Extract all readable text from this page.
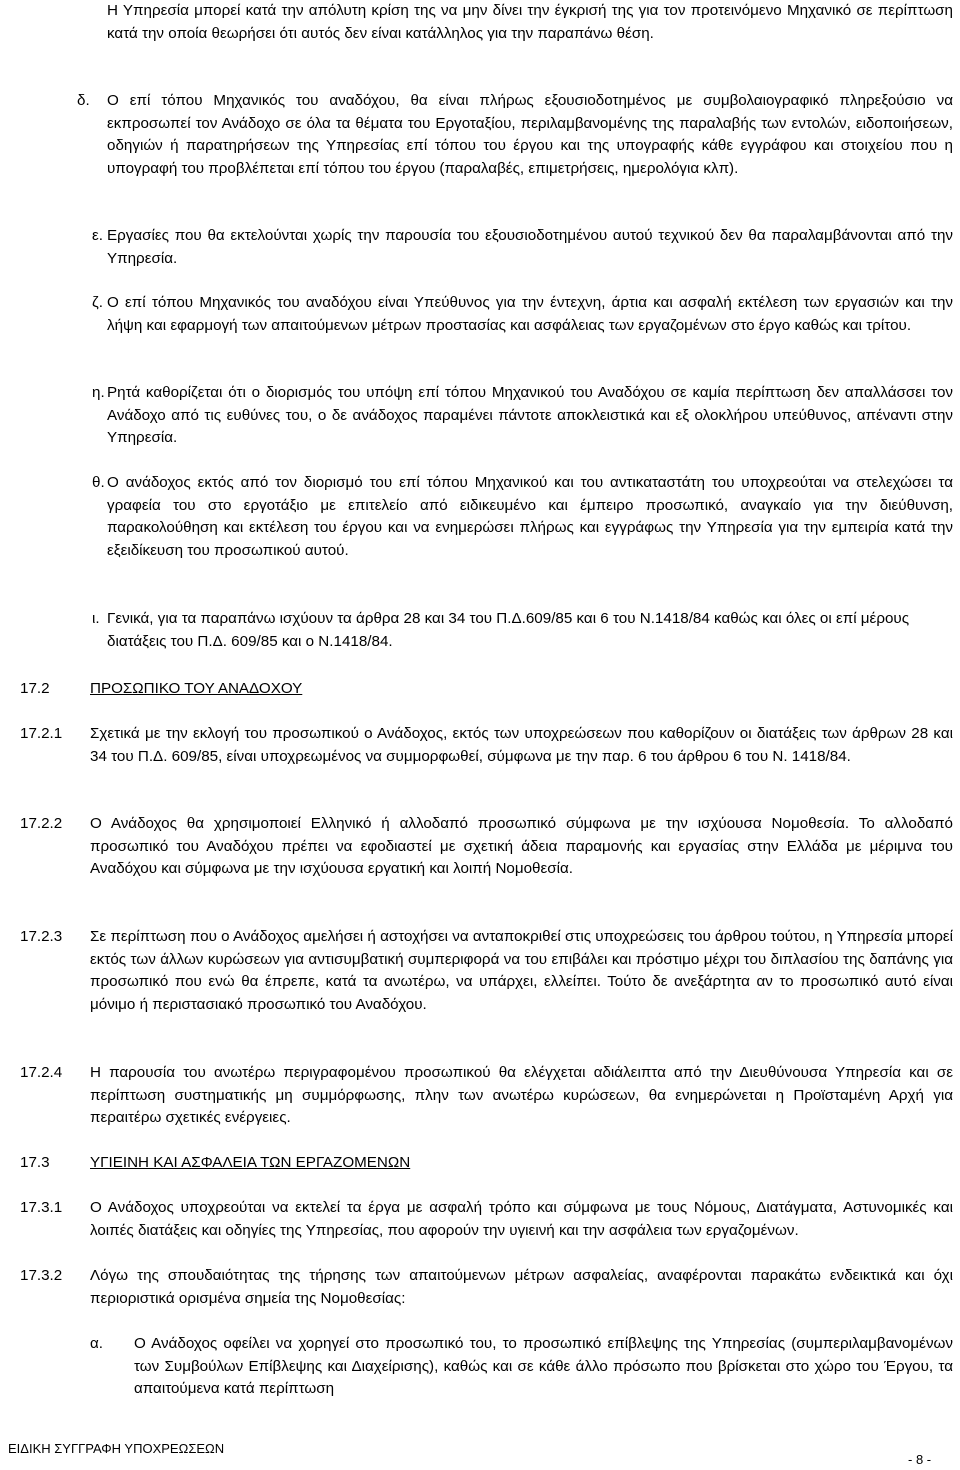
Η Υπηρεσία μπορεί κατά την απόλυτη κρίση της να μην δίνει την έγκρισή της για τον προτεινόμενο Μηχανικό σε περίπτωση κατά την οποία θεωρήσει ότι αυτός δεν είναι κατάλληλος για την παραπάνω θέση.
δ. Ο επί τόπου Μηχανικός του αναδόχου, θα είναι πλήρως εξουσιοδοτημένος με συμβολαιογραφικό πληρεξούσιο να εκπροσωπεί τον Ανάδοχο σε όλα τα θέματα του Εργοταξίου, περιλαμβανομένης της παραλαβής των εντολών, ειδοποιήσεων, οδηγιών ή παρατηρήσεων της Υπηρεσίας επί τόπου του έργου και της υπογραφής κάθε εγγράφου και στοιχείου που η υπογραφή του προβλέπεται επί τόπου του έργου (παραλαβές, επιμετρήσεις, ημερολόγια κλπ).
ε. Εργασίες που θα εκτελούνται χωρίς την παρουσία του εξουσιοδοτημένου αυτού τεχνικού δεν θα παραλαμβάνονται από την Υπηρεσία.
ζ. Ο επί τόπου Μηχανικός του αναδόχου είναι Υπεύθυνος για την έντεχνη, άρτια και ασφαλή εκτέλεση των εργασιών και την λήψη και εφαρμογή των απαιτούμενων μέτρων προστασίας και ασφάλειας των εργαζομένων στο έργο καθώς και τρίτου.
η. Ρητά καθορίζεται ότι ο διορισμός του υπόψη επί τόπου Μηχανικού του Αναδόχου σε καμία περίπτωση δεν απαλλάσσει τον Ανάδοχο από τις ευθύνες του, ο δε ανάδοχος παραμένει πάντοτε αποκλειστικά και εξ ολοκλήρου υπεύθυνος, απέναντι στην Υπηρεσία.
θ. Ο ανάδοχος εκτός από τον διορισμό του επί τόπου Μηχανικού και του αντικαταστάτη του υποχρεούται να στελεχώσει τα γραφεία του στο εργοτάξιο με επιτελείο από ειδικευμένο και έμπειρο προσωπικό, αναγκαίο για την διεύθυνση, παρακολούθηση και εκτέλεση του έργου και να ενημερώσει πλήρως και εγγράφως την Υπηρεσία για την εμπειρία κατά την εξειδίκευση του προσωπικού αυτού.
ι. Γενικά, για τα παραπάνω ισχύουν τα άρθρα 28 και 34 του Π.Δ.609/85 και 6 του Ν.1418/84 καθώς και όλες οι επί μέρους διατάξεις του Π.Δ. 609/85 και ο Ν.1418/84.
17.2	ΠΡΟΣΩΠΙΚΟ ΤΟΥ ΑΝΑΔΟΧΟΥ
17.2.1 Σχετικά με την εκλογή του προσωπικού ο Ανάδοχος, εκτός των υποχρεώσεων που καθορίζουν οι διατάξεις των άρθρων 28 και 34 του Π.Δ. 609/85, είναι υποχρεωμένος να συμμορφωθεί, σύμφωνα με την παρ. 6 του άρθρου 6 του Ν. 1418/84.
17.2.2 Ο Ανάδοχος θα χρησιμοποιεί Ελληνικό ή αλλοδαπό προσωπικό σύμφωνα με την ισχύουσα Νομοθεσία. Το αλλοδαπό προσωπικό του Αναδόχου πρέπει να εφοδιαστεί με σχετική άδεια παραμονής και εργασίας στην Ελλάδα με μέριμνα του Αναδόχου και σύμφωνα με την ισχύουσα εργατική και λοιπή Νομοθεσία.
17.2.3 Σε περίπτωση που ο Ανάδοχος αμελήσει ή αστοχήσει να ανταποκριθεί στις υποχρεώσεις του άρθρου τούτου, η Υπηρεσία μπορεί εκτός των άλλων κυρώσεων για αντισυμβατική συμπεριφορά να του επιβάλει και πρόστιμο μέχρι του διπλασίου της δαπάνης για προσωπικό που ενώ θα έπρεπε, κατά τα ανωτέρω, να υπάρχει, ελλείπει. Τούτο δε ανεξάρτητα αν το προσωπικό αυτό είναι μόνιμο ή περιστασιακό προσωπικό του Αναδόχου.
17.2.4 Η παρουσία του ανωτέρω περιγραφομένου προσωπικού θα ελέγχεται αδιάλειπτα από την Διευθύνουσα Υπηρεσία και σε περίπτωση συστηματικής μη συμμόρφωσης, πλην των ανωτέρω κυρώσεων, θα ενημερώνεται η Προϊσταμένη Αρχή για περαιτέρω σχετικές ενέργειες.
17.3	ΥΓΙΕΙΝΗ ΚΑΙ ΑΣΦΑΛΕΙΑ ΤΩΝ ΕΡΓΑΖΟΜΕΝΩΝ
17.3.1 Ο Ανάδοχος υποχρεούται να εκτελεί τα έργα με ασφαλή τρόπο και σύμφωνα με τους Νόμους, Διατάγματα, Αστυνομικές και λοιπές διατάξεις και οδηγίες της Υπηρεσίας, που αφορούν την υγιεινή και την ασφάλεια των εργαζομένων.
17.3.2 Λόγω της σπουδαιότητας της τήρησης των απαιτούμενων μέτρων ασφαλείας, αναφέρονται παρακάτω ενδεικτικά και όχι περιοριστικά ορισμένα σημεία της Νομοθεσίας:
α. Ο Ανάδοχος οφείλει να χορηγεί στο προσωπικό του, το προσωπικό επίβλεψης της Υπηρεσίας (συμπεριλαμβανομένων των Συμβούλων Επίβλεψης και Διαχείρισης), καθώς και σε κάθε άλλο πρόσωπο που βρίσκεται στο χώρο του Έργου, τα απαιτούμενα κατά περίπτωση
ΕΙΔΙΚΗ ΣΥΓΓΡΑΦΗ ΥΠΟΧΡΕΩΣΕΩΝ
- 8 -
